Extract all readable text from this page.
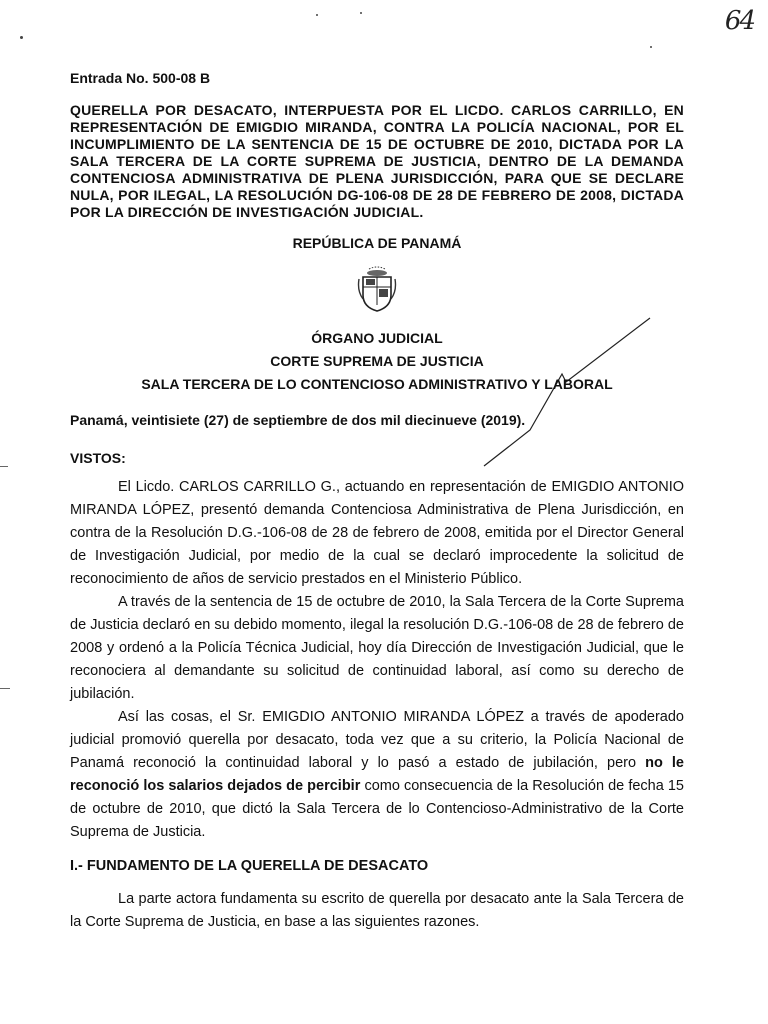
64

Entrada No. 500-08 B

QUERELLA POR DESACATO, INTERPUESTA POR EL LICDO. CARLOS CARRILLO, EN REPRESENTACIÓN DE EMIGDIO MIRANDA, CONTRA LA POLICÍA NACIONAL, POR EL INCUMPLIMIENTO DE LA SENTENCIA DE 15 DE OCTUBRE DE 2010, DICTADA POR LA SALA TERCERA DE LA CORTE SUPREMA DE JUSTICIA, DENTRO DE LA DEMANDA CONTENCIOSA ADMINISTRATIVA DE PLENA JURISDICCIÓN, PARA QUE SE DECLARE NULA, POR ILEGAL, LA RESOLUCIÓN DG-106-08 DE 28 DE FEBRERO DE 2008, DICTADA POR LA DIRECCIÓN DE INVESTIGACIÓN JUDICIAL.

REPÚBLICA DE PANAMÁ

ÓRGANO JUDICIAL

CORTE SUPREMA DE JUSTICIA

SALA TERCERA DE LO CONTENCIOSO ADMINISTRATIVO Y LABORAL

Panamá, veintisiete (27) de septiembre de dos mil diecinueve (2019).

VISTOS:

El Licdo. CARLOS CARRILLO G., actuando en representación de EMIGDIO ANTONIO MIRANDA LÓPEZ, presentó demanda Contenciosa Administrativa de Plena Jurisdicción, en contra de la Resolución D.G.-106-08 de 28 de febrero de 2008, emitida por el Director General de Investigación Judicial, por medio de la cual se declaró improcedente la solicitud de reconocimiento de años de servicio prestados en el Ministerio Público.

A través de la sentencia de 15 de octubre de 2010, la Sala Tercera de la Corte Suprema de Justicia declaró en su debido momento, ilegal la resolución D.G.-106-08 de 28 de febrero de 2008 y ordenó a la Policía Técnica Judicial, hoy día Dirección de Investigación Judicial, que le reconociera al demandante su solicitud de continuidad laboral, así como su derecho de jubilación.

Así las cosas, el Sr. EMIGDIO ANTONIO MIRANDA LÓPEZ a través de apoderado judicial promovió querella por desacato, toda vez que a su criterio, la Policía Nacional de Panamá reconoció la continuidad laboral y lo pasó a estado de jubilación, pero no le reconoció los salarios dejados de percibir como consecuencia de la Resolución de fecha 15 de octubre de 2010, que dictó la Sala Tercera de lo Contencioso-Administrativo de la Corte Suprema de Justicia.

I.- FUNDAMENTO DE LA QUERELLA DE DESACATO

La parte actora fundamenta su escrito de querella por desacato ante la Sala Tercera de la Corte Suprema de Justicia, en base a las siguientes razones.
